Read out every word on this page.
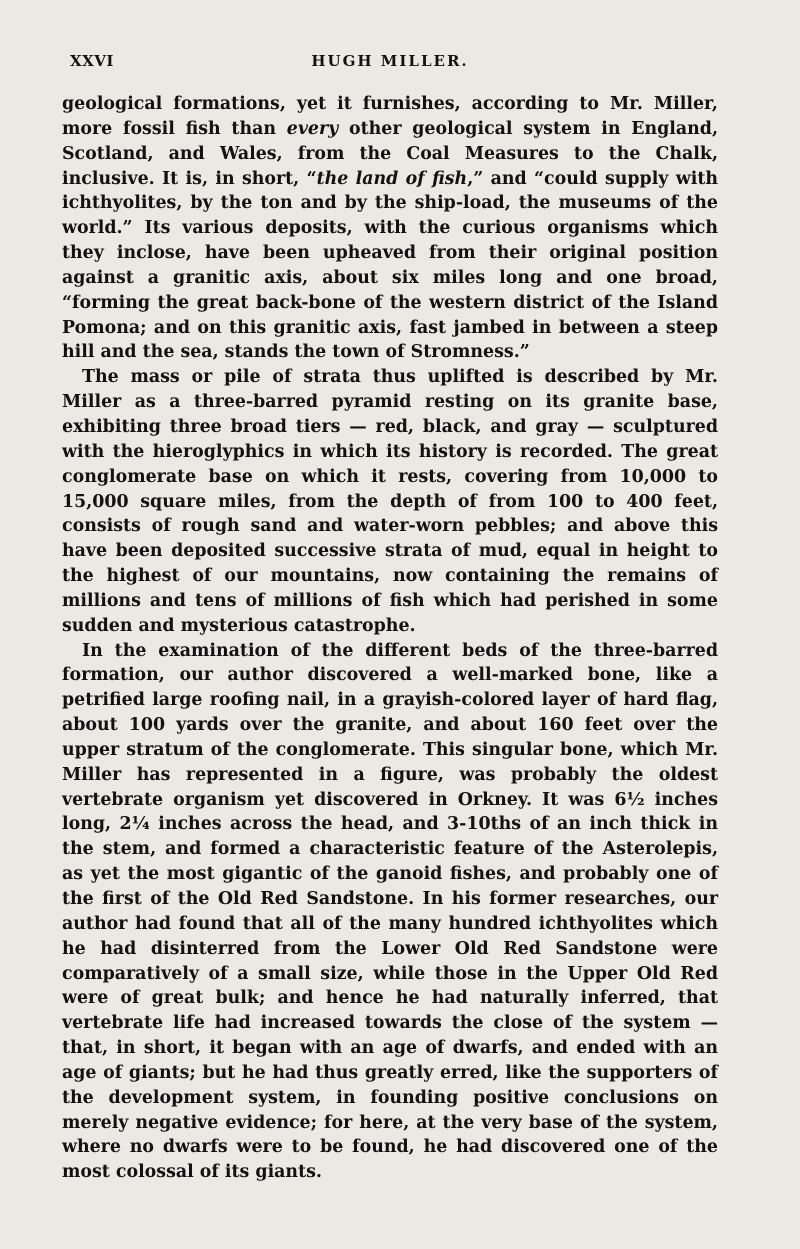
XXVI	HUGH MILLER.

geological formations, yet it furnishes, according to Mr. Miller, more fossil fish than every other geological system in England, Scotland, and Wales, from the Coal Measures to the Chalk, inclusive. It is, in short, “the land of fish,” and “could supply with ichthyolites, by the ton and by the ship-load, the museums of the world.” Its various deposits, with the curious organisms which they inclose, have been upheaved from their original position against a granitic axis, about six miles long and one broad, “forming the great back-bone of the western district of the Island Pomona; and on this granitic axis, fast jambed in between a steep hill and the sea, stands the town of Stromness.”

The mass or pile of strata thus uplifted is described by Mr. Miller as a three-barred pyramid resting on its granite base, exhibiting three broad tiers — red, black, and gray — sculptured with the hieroglyphics in which its history is recorded. The great conglomerate base on which it rests, covering from 10,000 to 15,000 square miles, from the depth of from 100 to 400 feet, consists of rough sand and water-worn pebbles; and above this have been deposited successive strata of mud, equal in height to the highest of our mountains, now containing the remains of millions and tens of millions of fish which had perished in some sudden and mysterious catastrophe.

In the examination of the different beds of the three-barred formation, our author discovered a well-marked bone, like a petrified large roofing nail, in a grayish-colored layer of hard flag, about 100 yards over the granite, and about 160 feet over the upper stratum of the conglomerate. This singular bone, which Mr. Miller has represented in a figure, was probably the oldest vertebrate organism yet discovered in Orkney. It was 6½ inches long, 2¼ inches across the head, and 3-10ths of an inch thick in the stem, and formed a characteristic feature of the Asterolepis, as yet the most gigantic of the ganoid fishes, and probably one of the first of the Old Red Sandstone. In his former researches, our author had found that all of the many hundred ichthyolites which he had disinterred from the Lower Old Red Sandstone were comparatively of a small size, while those in the Upper Old Red were of great bulk; and hence he had naturally inferred, that vertebrate life had increased towards the close of the system — that, in short, it began with an age of dwarfs, and ended with an age of giants; but he had thus greatly erred, like the supporters of the development system, in founding positive conclusions on merely negative evidence; for here, at the very base of the system, where no dwarfs were to be found, he had discovered one of the most colossal of its giants.
